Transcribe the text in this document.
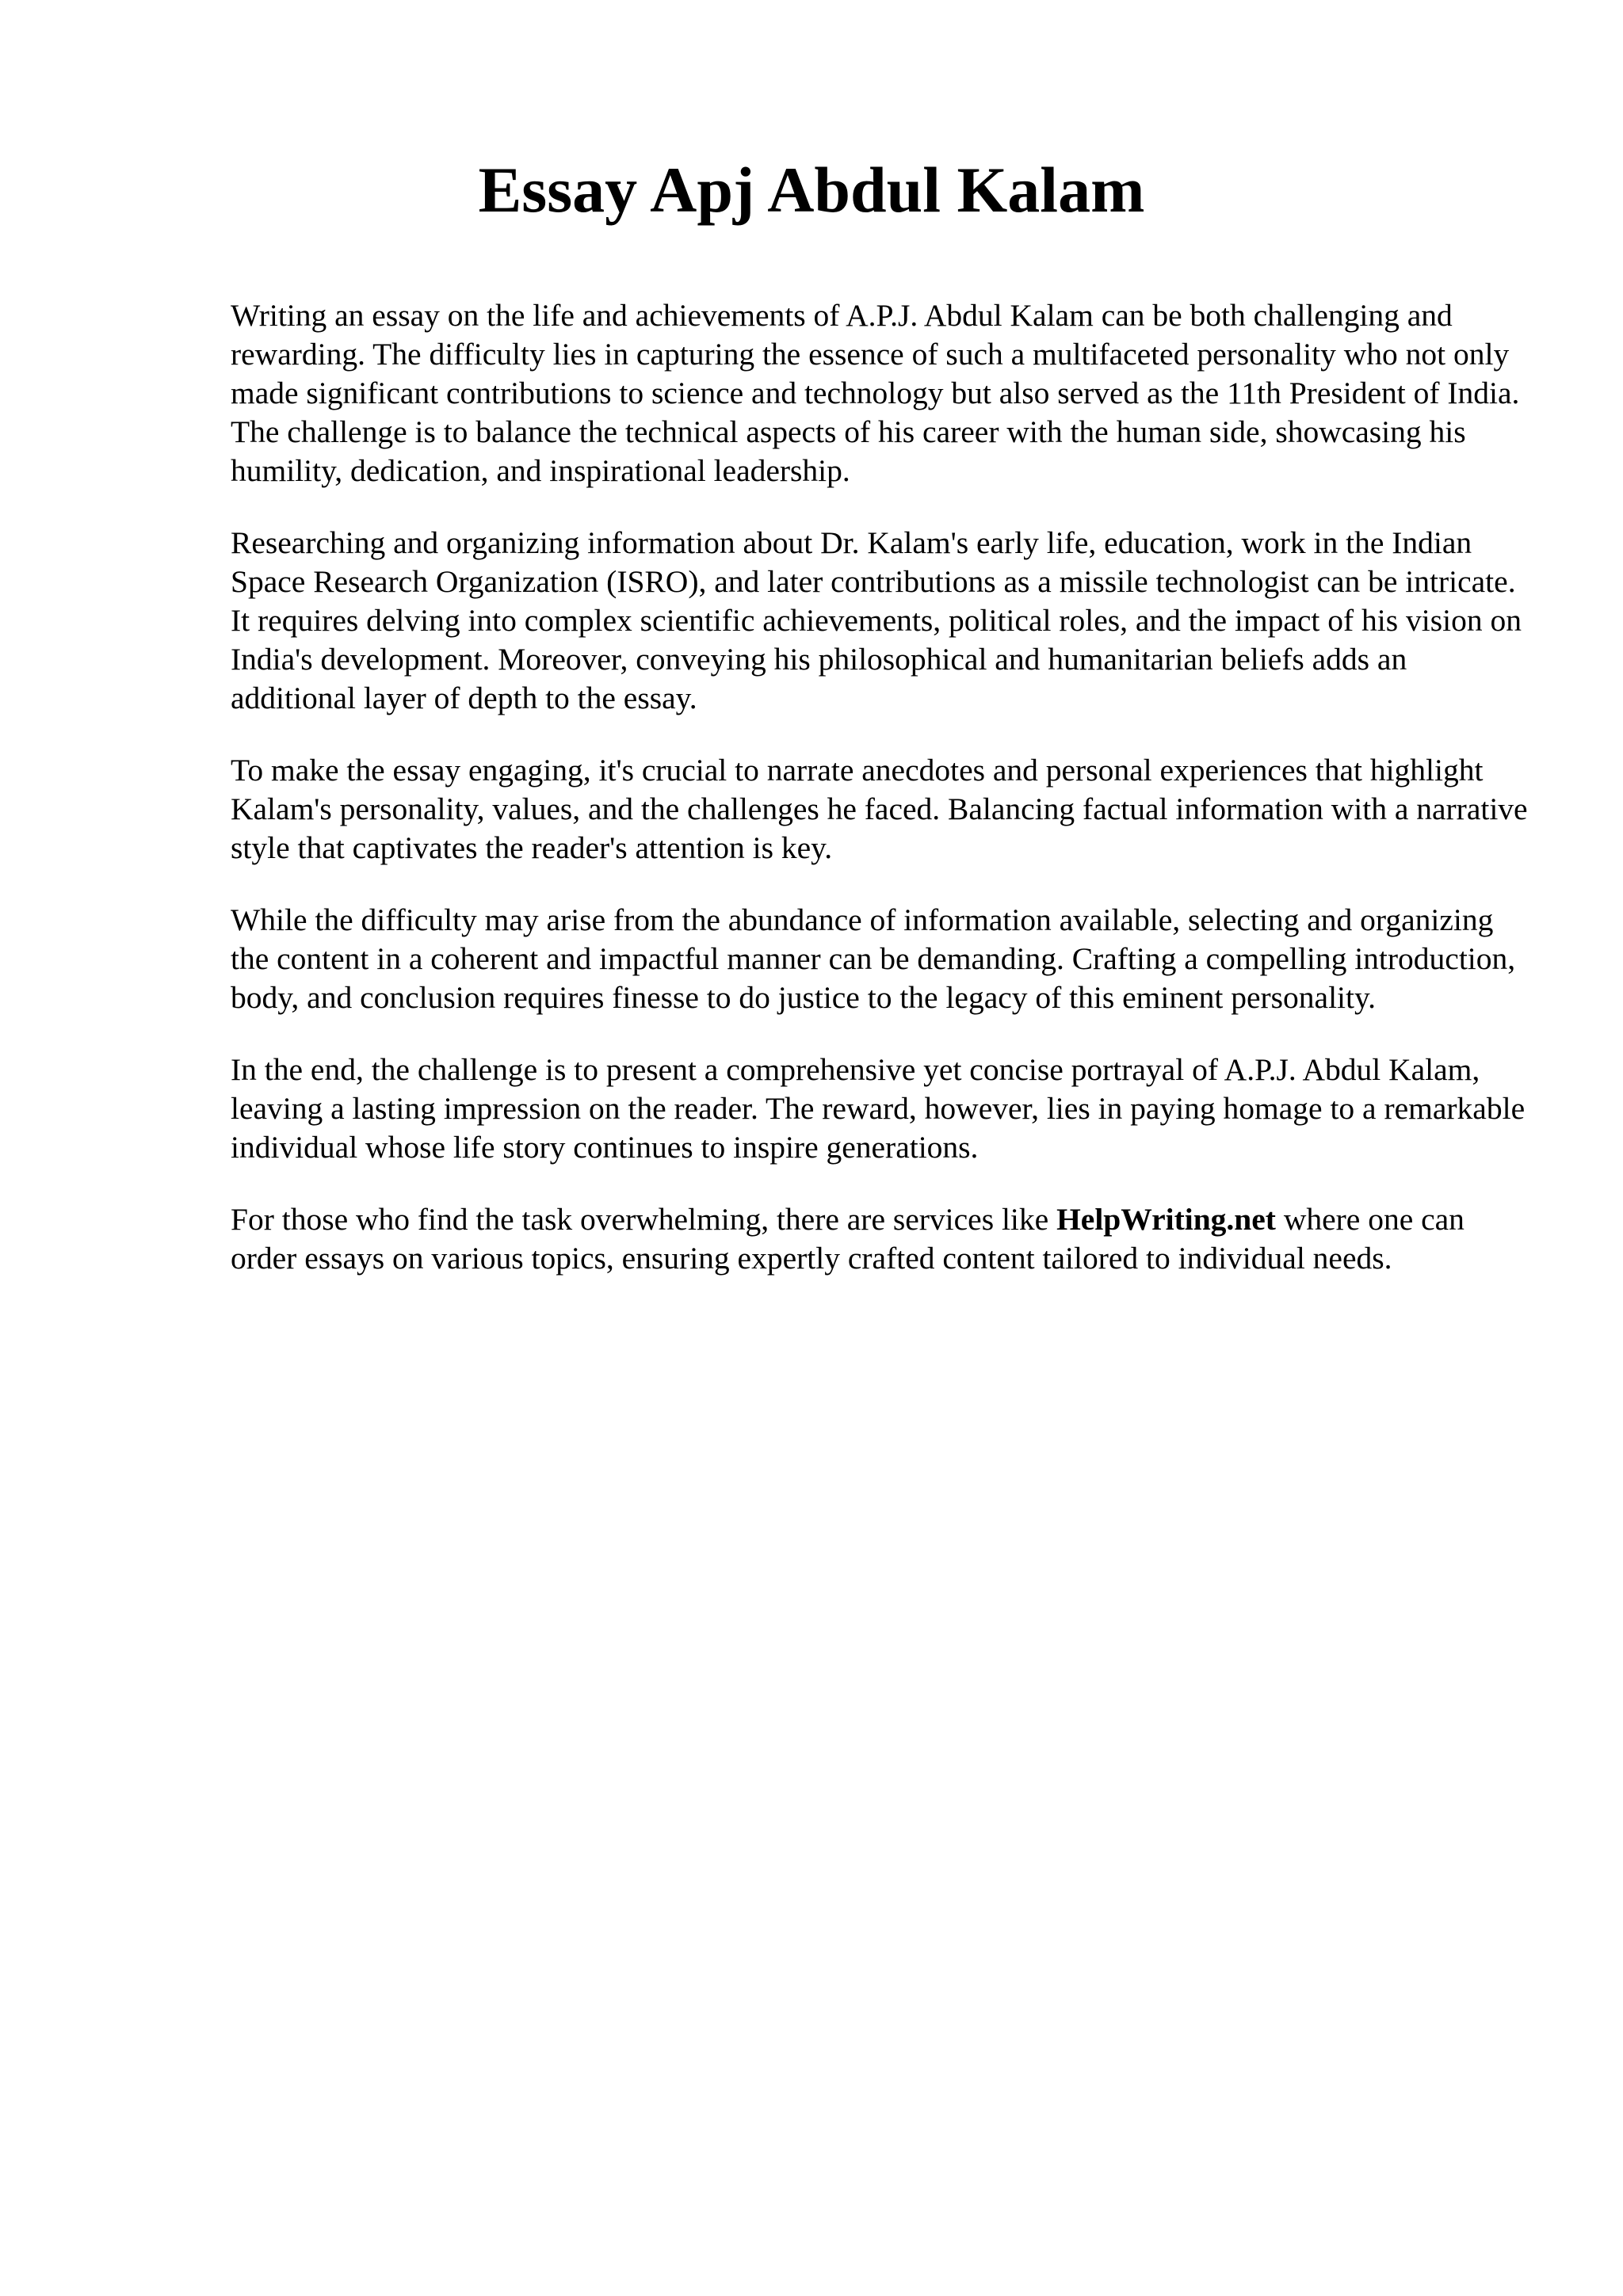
Essay Apj Abdul Kalam

Writing an essay on the life and achievements of A.P.J. Abdul Kalam can be both challenging and rewarding. The difficulty lies in capturing the essence of such a multifaceted personality who not only made significant contributions to science and technology but also served as the 11th President of India. The challenge is to balance the technical aspects of his career with the human side, showcasing his humility, dedication, and inspirational leadership.

Researching and organizing information about Dr. Kalam's early life, education, work in the Indian Space Research Organization (ISRO), and later contributions as a missile technologist can be intricate. It requires delving into complex scientific achievements, political roles, and the impact of his vision on India's development. Moreover, conveying his philosophical and humanitarian beliefs adds an additional layer of depth to the essay.

To make the essay engaging, it's crucial to narrate anecdotes and personal experiences that highlight Kalam's personality, values, and the challenges he faced. Balancing factual information with a narrative style that captivates the reader's attention is key.

While the difficulty may arise from the abundance of information available, selecting and organizing the content in a coherent and impactful manner can be demanding. Crafting a compelling introduction, body, and conclusion requires finesse to do justice to the legacy of this eminent personality.

In the end, the challenge is to present a comprehensive yet concise portrayal of A.P.J. Abdul Kalam, leaving a lasting impression on the reader. The reward, however, lies in paying homage to a remarkable individual whose life story continues to inspire generations.

For those who find the task overwhelming, there are services like HelpWriting.net where one can order essays on various topics, ensuring expertly crafted content tailored to individual needs.
